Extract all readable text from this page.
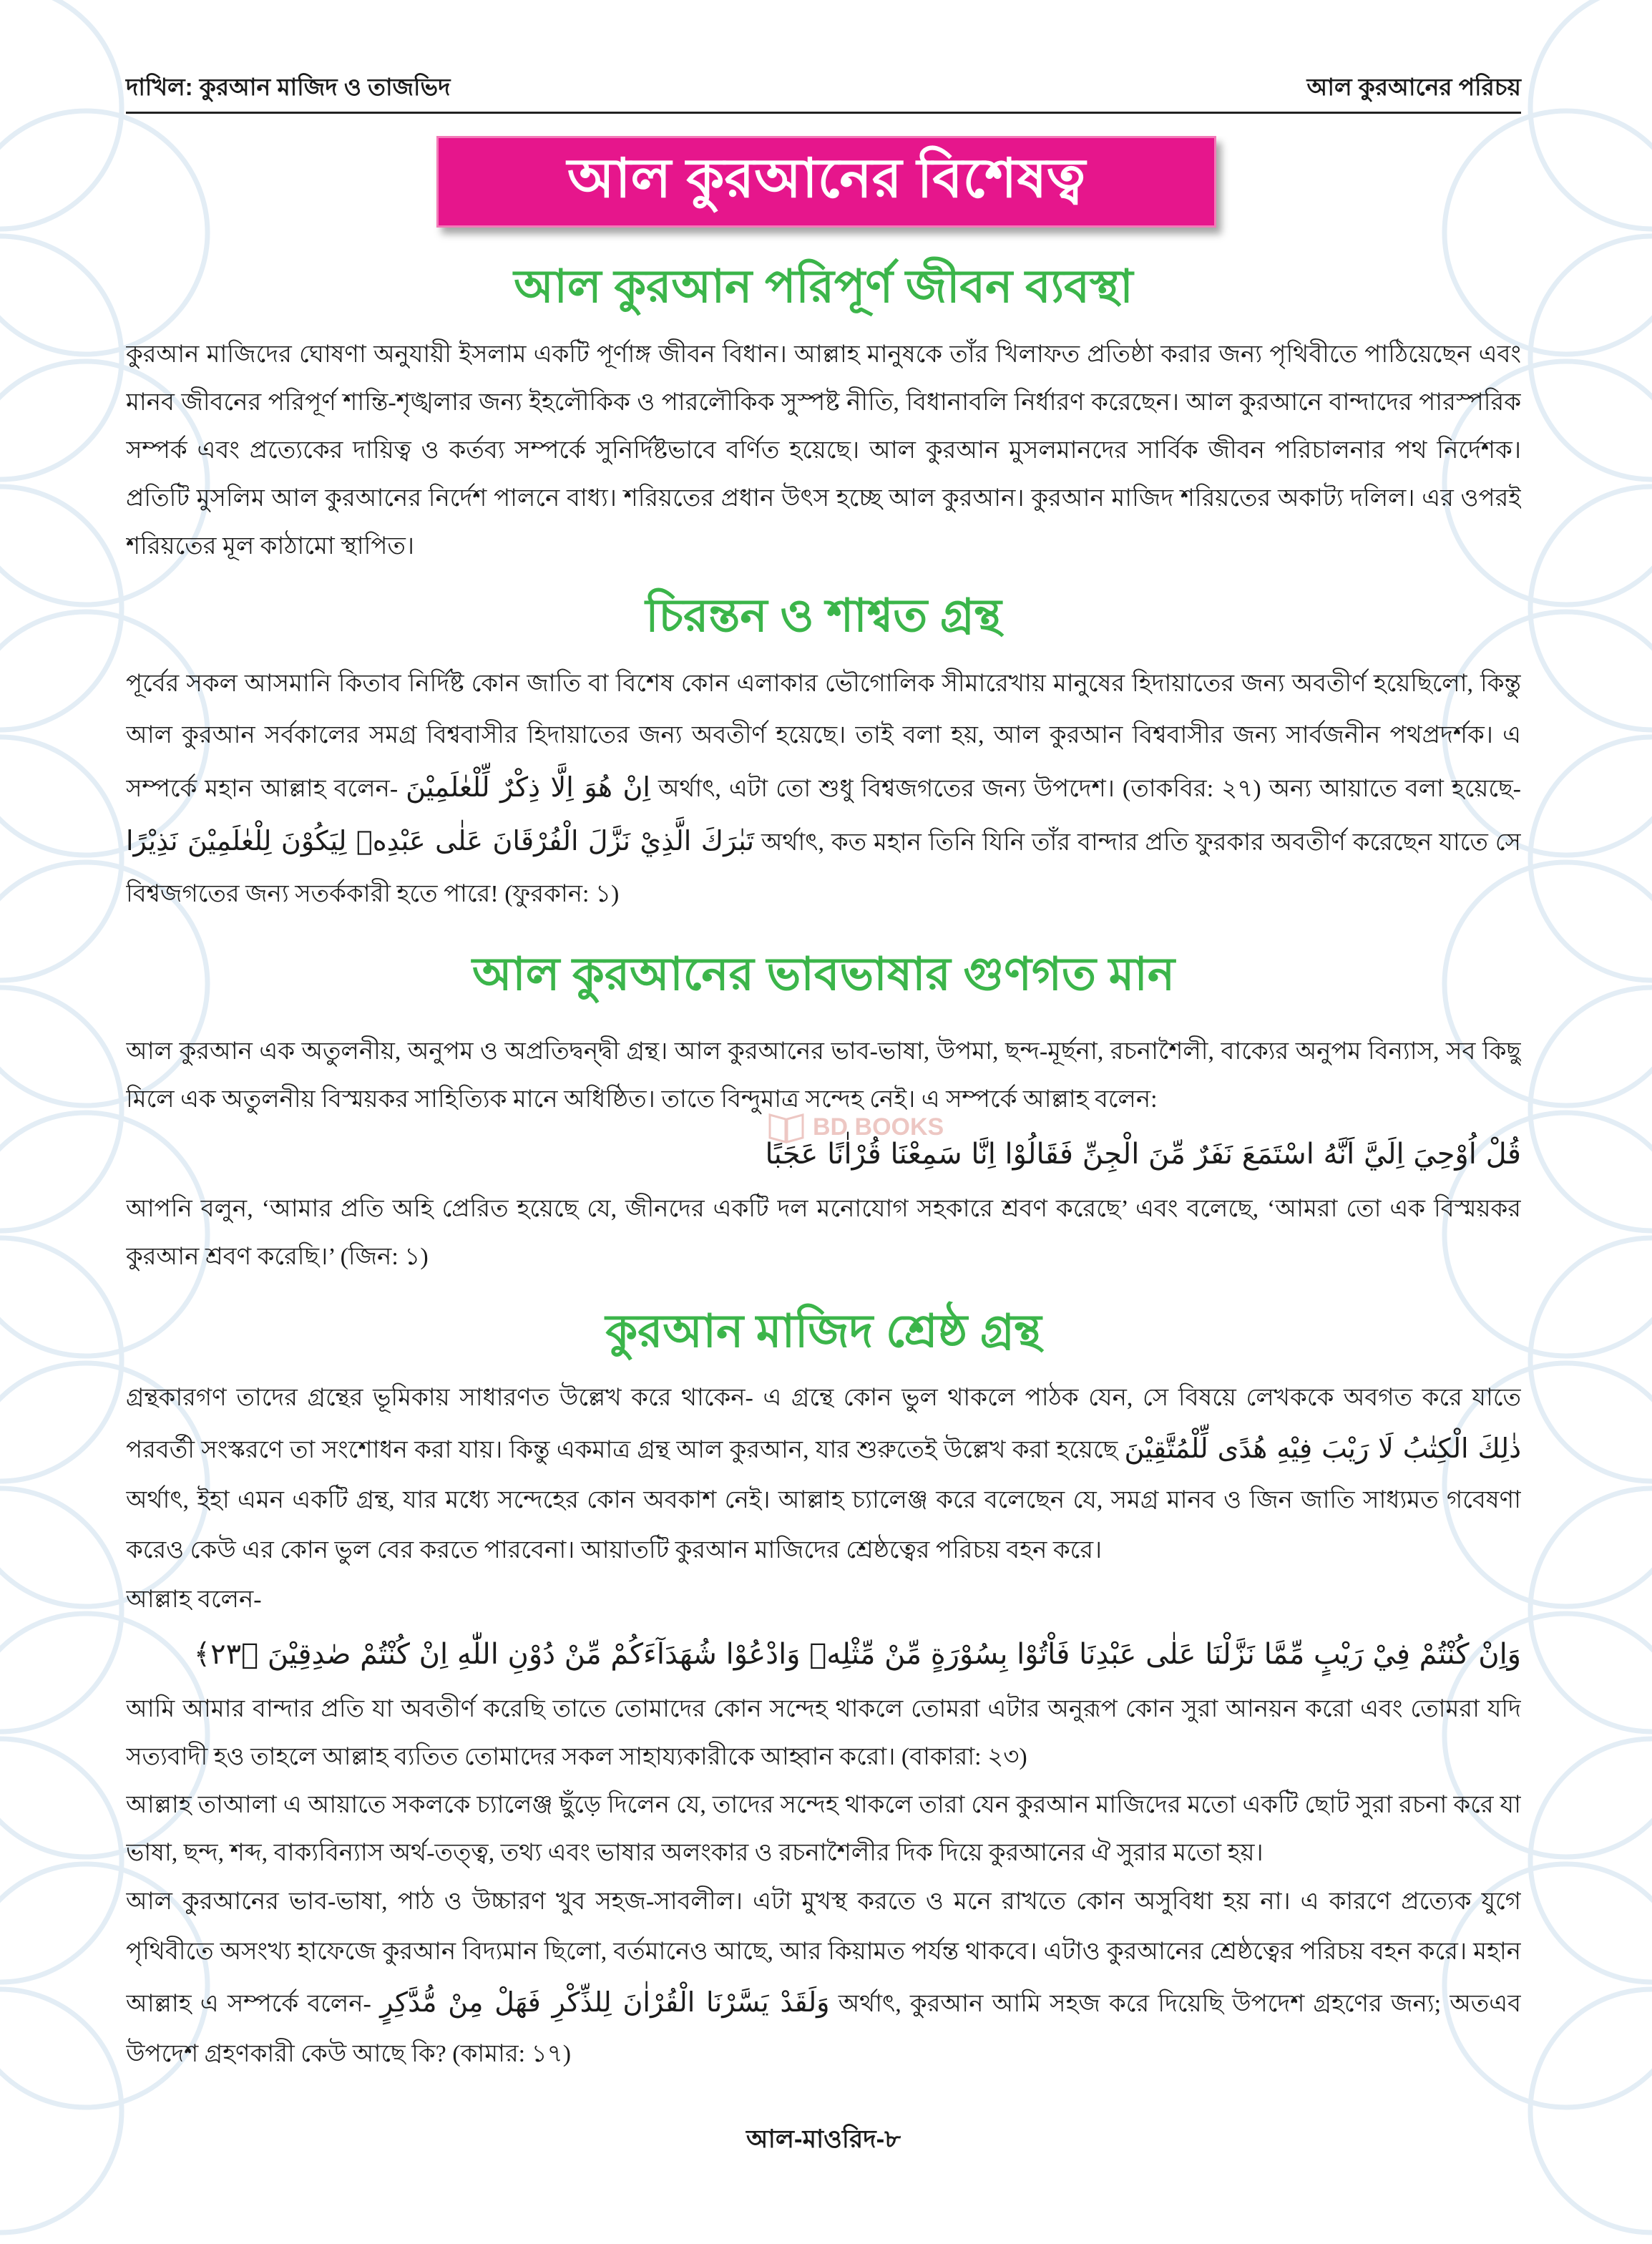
দাখিল: কুরআন মাজিদ ও তাজভিদ	আল কুরআনের পরিচয়
আল কুরআনের বিশেষত্ব
আল কুরআন পরিপূর্ণ জীবন ব্যবস্থা

কুরআন মাজিদের ঘোষণা অনুযায়ী ইসলাম একটি পূর্ণাঙ্গ জীবন বিধান। আল্লাহ মানুষকে তাঁর খিলাফত প্রতিষ্ঠা করার জন্য পৃথিবীতে পাঠিয়েছেন এবং মানব জীবনের পরিপূর্ণ শান্তি-শৃঙ্খলার জন্য ইহলৌকিক ও পারলৌকিক সুস্পষ্ট নীতি, বিধানাবলি নির্ধারণ করেছেন। আল কুরআনে বান্দাদের পারস্পরিক সম্পর্ক এবং প্রত্যেকের দায়িত্ব ও কর্তব্য সম্পর্কে সুনির্দিষ্টভাবে বর্ণিত হয়েছে। আল কুরআন মুসলমানদের সার্বিক জীবন পরিচালনার পথ নির্দেশক। প্রতিটি মুসলিম আল কুরআনের নির্দেশ পালনে বাধ্য। শরিয়তের প্রধান উৎস হচ্ছে আল কুরআন। কুরআন মাজিদ শরিয়তের অকাট্য দলিল। এর ওপরই শরিয়তের মূল কাঠামো স্থাপিত।

চিরন্তন ও শাশ্বত গ্রন্থ

পূর্বের সকল আসমানি কিতাব নির্দিষ্ট কোন জাতি বা বিশেষ কোন এলাকার ভৌগোলিক সীমারেখায় মানুষের হিদায়াতের জন্য অবতীর্ণ হয়েছিলো, কিন্তু আল কুরআন সর্বকালের সমগ্র বিশ্ববাসীর হিদায়াতের জন্য অবতীর্ণ হয়েছে। তাই বলা হয়, আল কুরআন বিশ্ববাসীর জন্য সার্বজনীন পথপ্রদর্শক। এ সম্পর্কে মহান আল্লাহ বলেন- اِنْ هُوَ اِلَّا ذِكْرٌ لِّلْعٰلَمِيْنَ অর্থাৎ, এটা তো শুধু বিশ্বজগতের জন্য উপদেশ। (তাকবির: ২৭) অন্য আয়াতে বলা হয়েছে- تَبٰرَكَ الَّذِيْ نَزَّلَ الْفُرْقَانَ عَلٰى عَبْدِهٖ لِيَكُوْنَ لِلْعٰلَمِيْنَ نَذِيْرًا অর্থাৎ, কত মহান তিনি যিনি তাঁর বান্দার প্রতি ফুরকার অবতীর্ণ করেছেন যাতে সে বিশ্বজগতের জন্য সতর্ককারী হতে পারে! (ফুরকান: ১)

আল কুরআনের ভাবভাষার গুণগত মান

আল কুরআন এক অতুলনীয়, অনুপম ও অপ্রতিদ্বন্দ্বী গ্রন্থ। আল কুরআনের ভাব-ভাষা, উপমা, ছন্দ-মূর্ছনা, রচনাশৈলী, বাক্যের অনুপম বিন্যাস, সব কিছু মিলে এক অতুলনীয় বিস্ময়কর সাহিত্যিক মানে অধিষ্ঠিত। তাতে বিন্দুমাত্র সন্দেহ নেই। এ সম্পর্কে আল্লাহ বলেন:

قُلْ اُوْحِيَ اِلَيَّ اَنَّهُ اسْتَمَعَ نَفَرٌ مِّنَ الْجِنِّ فَقَالُوْا اِنَّا سَمِعْنَا قُرْاٰنًا عَجَبًا

আপনি বলুন, ‘আমার প্রতি অহি প্রেরিত হয়েছে যে, জীনদের একটি দল মনোযোগ সহকারে শ্রবণ করেছে’ এবং বলেছে, ‘আমরা তো এক বিস্ময়কর কুরআন শ্রবণ করেছি।’ (জিন: ১)

কুরআন মাজিদ শ্রেষ্ঠ গ্রন্থ

গ্রন্থকারগণ তাদের গ্রন্থের ভূমিকায় সাধারণত উল্লেখ করে থাকেন- এ গ্রন্থে কোন ভুল থাকলে পাঠক যেন, সে বিষয়ে লেখককে অবগত করে যাতে পরবর্তী সংস্করণে তা সংশোধন করা যায়। কিন্তু একমাত্র গ্রন্থ আল কুরআন, যার শুরুতেই উল্লেখ করা হয়েছে ذٰلِكَ الْكِتٰبُ لَا رَيْبَ فِيْهِ هُدًى لِّلْمُتَّقِيْنَ অর্থাৎ, ইহা এমন একটি গ্রন্থ, যার মধ্যে সন্দেহের কোন অবকাশ নেই। আল্লাহ চ্যালেঞ্জ করে বলেছেন যে, সমগ্র মানব ও জিন জাতি সাধ্যমত গবেষণা করেও কেউ এর কোন ভুল বের করতে পারবেনা। আয়াতটি কুরআন মাজিদের শ্রেষ্ঠত্বের পরিচয় বহন করে।

আল্লাহ বলেন-

وَاِنْ كُنْتُمْ فِيْ رَيْبٍ مِّمَّا نَزَّلْنَا عَلٰى عَبْدِنَا فَاْتُوْا بِسُوْرَةٍ مِّنْ مِّثْلِهٖ وَادْعُوْا شُهَدَآءَكُمْ مِّنْ دُوْنِ اللّٰهِ اِنْ كُنْتُمْ صٰدِقِيْنَ ﴿٢٣﴾

আমি আমার বান্দার প্রতি যা অবতীর্ণ করেছি তাতে তোমাদের কোন সন্দেহ থাকলে তোমরা এটার অনুরূপ কোন সুরা আনয়ন করো এবং তোমরা যদি সত্যবাদী হও তাহলে আল্লাহ ব্যতিত তোমাদের সকল সাহায্যকারীকে আহ্বান করো। (বাকারা: ২৩)

আল্লাহ তাআলা এ আয়াতে সকলকে চ্যালেঞ্জ ছুঁড়ে দিলেন যে, তাদের সন্দেহ থাকলে তারা যেন কুরআন মাজিদের মতো একটি ছোট সুরা রচনা করে যা ভাষা, ছন্দ, শব্দ, বাক্যবিন্যাস অর্থ-তত্ত্ব, তথ্য এবং ভাষার অলংকার ও রচনাশৈলীর দিক দিয়ে কুরআনের ঐ সুরার মতো হয়।

আল কুরআনের ভাব-ভাষা, পাঠ ও উচ্চারণ খুব সহজ-সাবলীল। এটা মুখস্থ করতে ও মনে রাখতে কোন অসুবিধা হয় না। এ কারণে প্রত্যেক যুগে পৃথিবীতে অসংখ্য হাফেজে কুরআন বিদ্যমান ছিলো, বর্তমানেও আছে, আর কিয়ামত পর্যন্ত থাকবে। এটাও কুরআনের শ্রেষ্ঠত্বের পরিচয় বহন করে। মহান আল্লাহ এ সম্পর্কে বলেন- وَلَقَدْ يَسَّرْنَا الْقُرْاٰنَ لِلذِّكْرِ فَهَلْ مِنْ مُّدَّكِرٍ অর্থাৎ, কুরআন আমি সহজ করে দিয়েছি উপদেশ গ্রহণের জন্য; অতএব উপদেশ গ্রহণকারী কেউ আছে কি? (কামার: ১৭)

BD BOOKS
আল-মাওরিদ-৮
